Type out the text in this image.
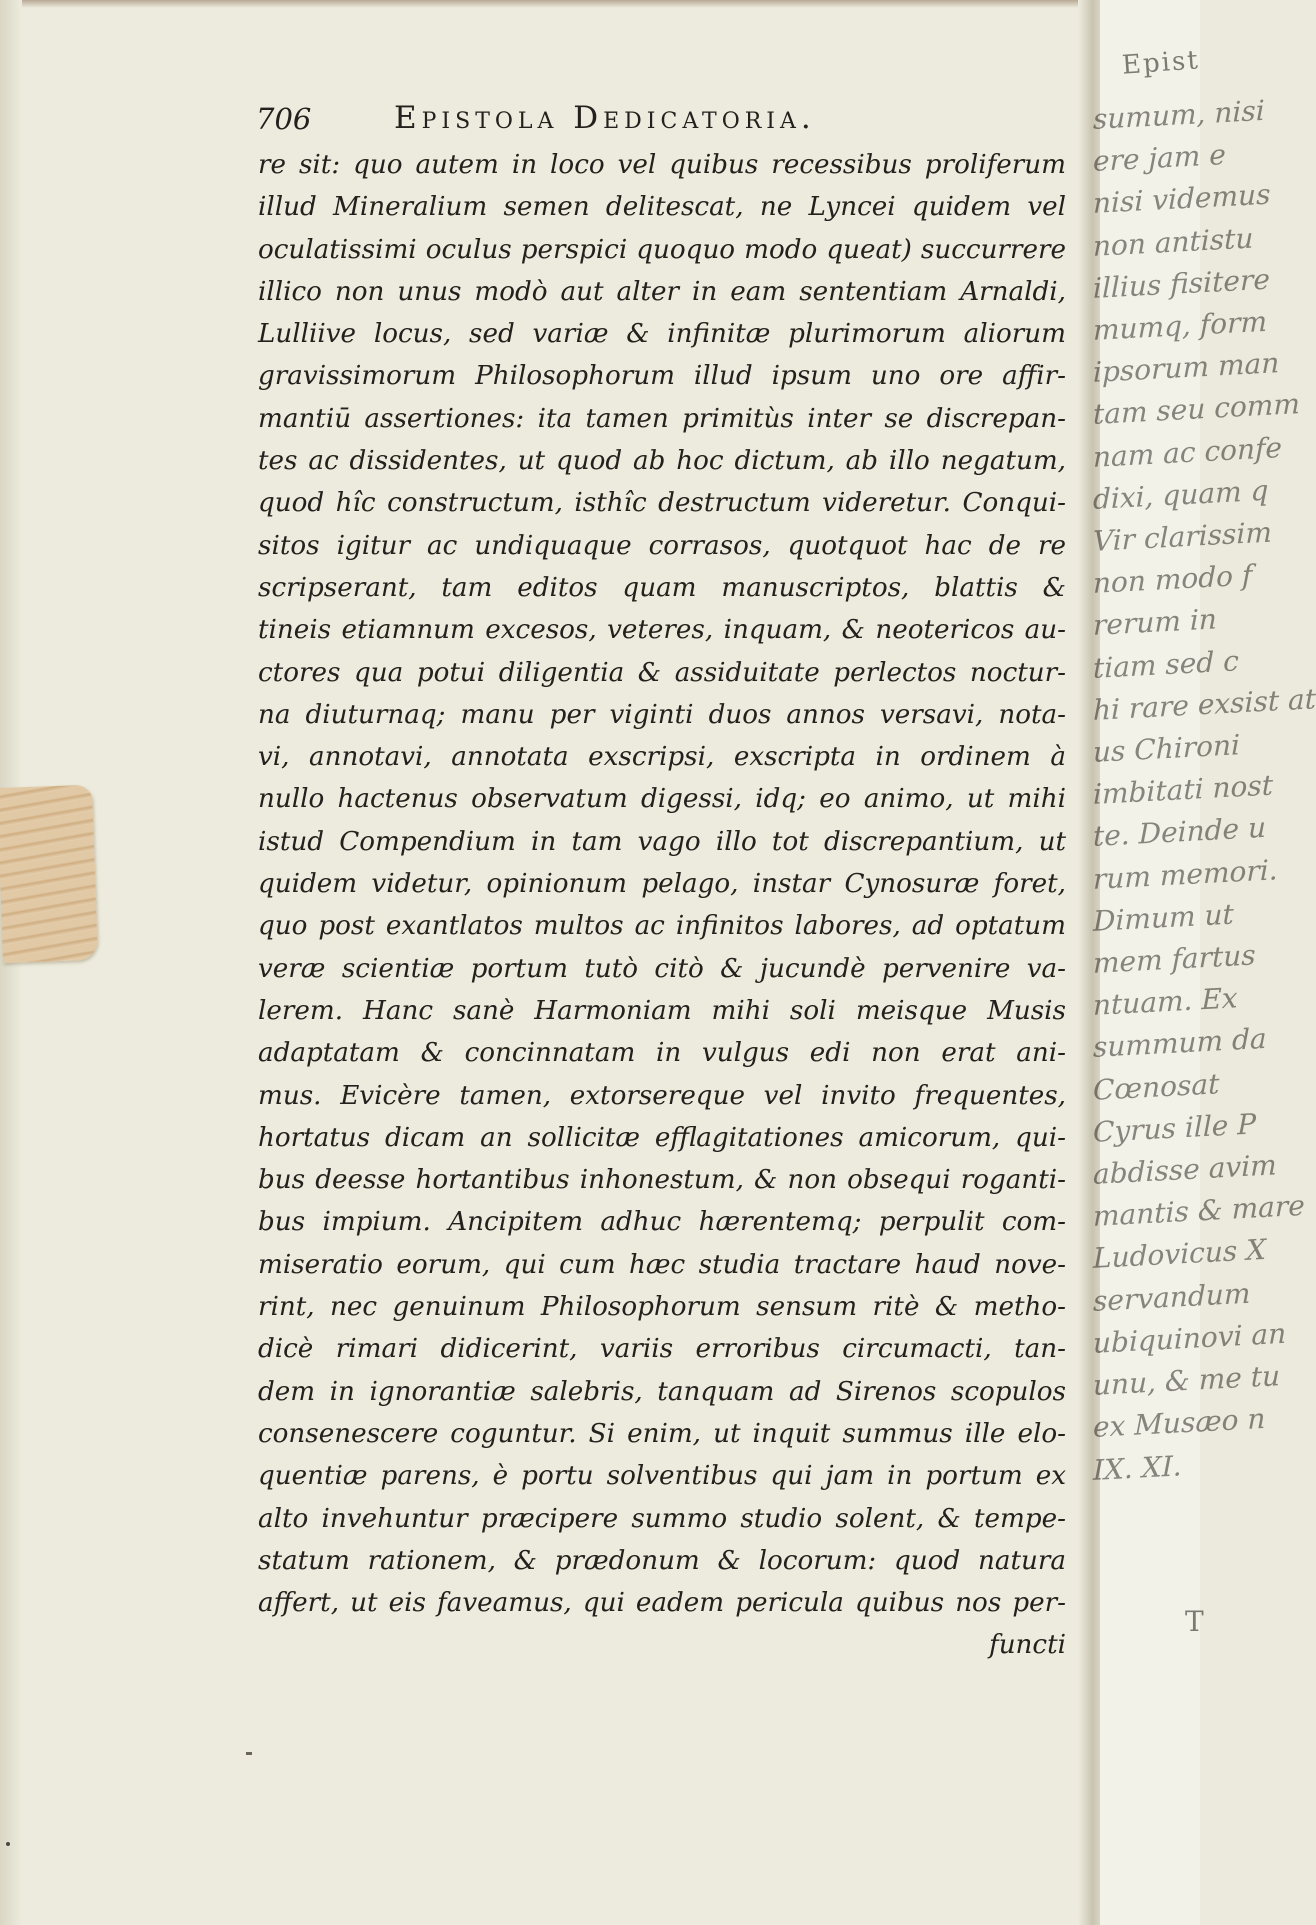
706	Epistola Dedicatoria.
re sit: quo autem in loco vel quibus recessibus proliferum
illud Mineralium semen delitescat, ne Lyncei quidem vel
oculatissimi oculus perspici quoquo modo queat) succurrere
illico non unus modò aut alter in eam sententiam Arnaldi,
Lulliive locus, sed variæ & infinitæ plurimorum aliorum
gravissimorum Philosophorum illud ipsum uno ore affir-
mantiū assertiones: ita tamen primitùs inter se discrepan-
tes ac dissidentes, ut quod ab hoc dictum, ab illo negatum,
quod hîc constructum, isthîc destructum videretur. Conqui-
sitos igitur ac undiquaque corrasos, quotquot hac de re
scripserant, tam editos quam manuscriptos, blattis &
tineis etiamnum excesos, veteres, inquam, & neotericos au-
ctores qua potui diligentia & assiduitate perlectos noctur-
na diuturnaq; manu per viginti duos annos versavi, nota-
vi, annotavi, annotata exscripsi, exscripta in ordinem à
nullo hactenus observatum digessi, idq; eo animo, ut mihi
istud Compendium in tam vago illo tot discrepantium, ut
quidem videtur, opinionum pelago, instar Cynosuræ foret,
quo post exantlatos multos ac infinitos labores, ad optatum
veræ scientiæ portum tutò citò & jucundè pervenire va-
lerem. Hanc sanè Harmoniam mihi soli meisque Musis
adaptatam & concinnatam in vulgus edi non erat ani-
mus. Evicère tamen, extorsereque vel invito frequentes,
hortatus dicam an sollicitæ efflagitationes amicorum, qui-
bus deesse hortantibus inhonestum, & non obsequi roganti-
bus impium. Ancipitem adhuc hærentemq; perpulit com-
miseratio eorum, qui cum hæc studia tractare haud nove-
rint, nec genuinum Philosophorum sensum ritè & metho-
dicè rimari didicerint, variis erroribus circumacti, tan-
dem in ignorantiæ salebris, tanquam ad Sirenos scopulos
consenescere coguntur. Si enim, ut inquit summus ille elo-
quentiæ parens, è portu solventibus qui jam in portum ex
alto invehuntur præcipere summo studio solent, & tempe-
statum rationem, & prædonum & locorum: quod natura
affert, ut eis faveamus, qui eadem pericula quibus nos per-
functi
Epist
sumum, nisi
ere jam e
nisi videmus
non antistu
illius fisitere
mumq, form
ipsorum man
tam seu comm
nam ac confe
dixi, quam q
Vir clarissim
non modo f
rerum in
tiam sed c
hi rare exsist at
us Chironi
imbitati nost
te. Deinde u
rum memori.
Dimum ut
mem fartus
ntuam. Ex
summum da
Cœnosat
Cyrus ille P
abdisse avim
mantis & mare
Ludovicus X
servandum
ubiquinovi an
unu, & me tu
ex Musæo n
IX. XI.
T
